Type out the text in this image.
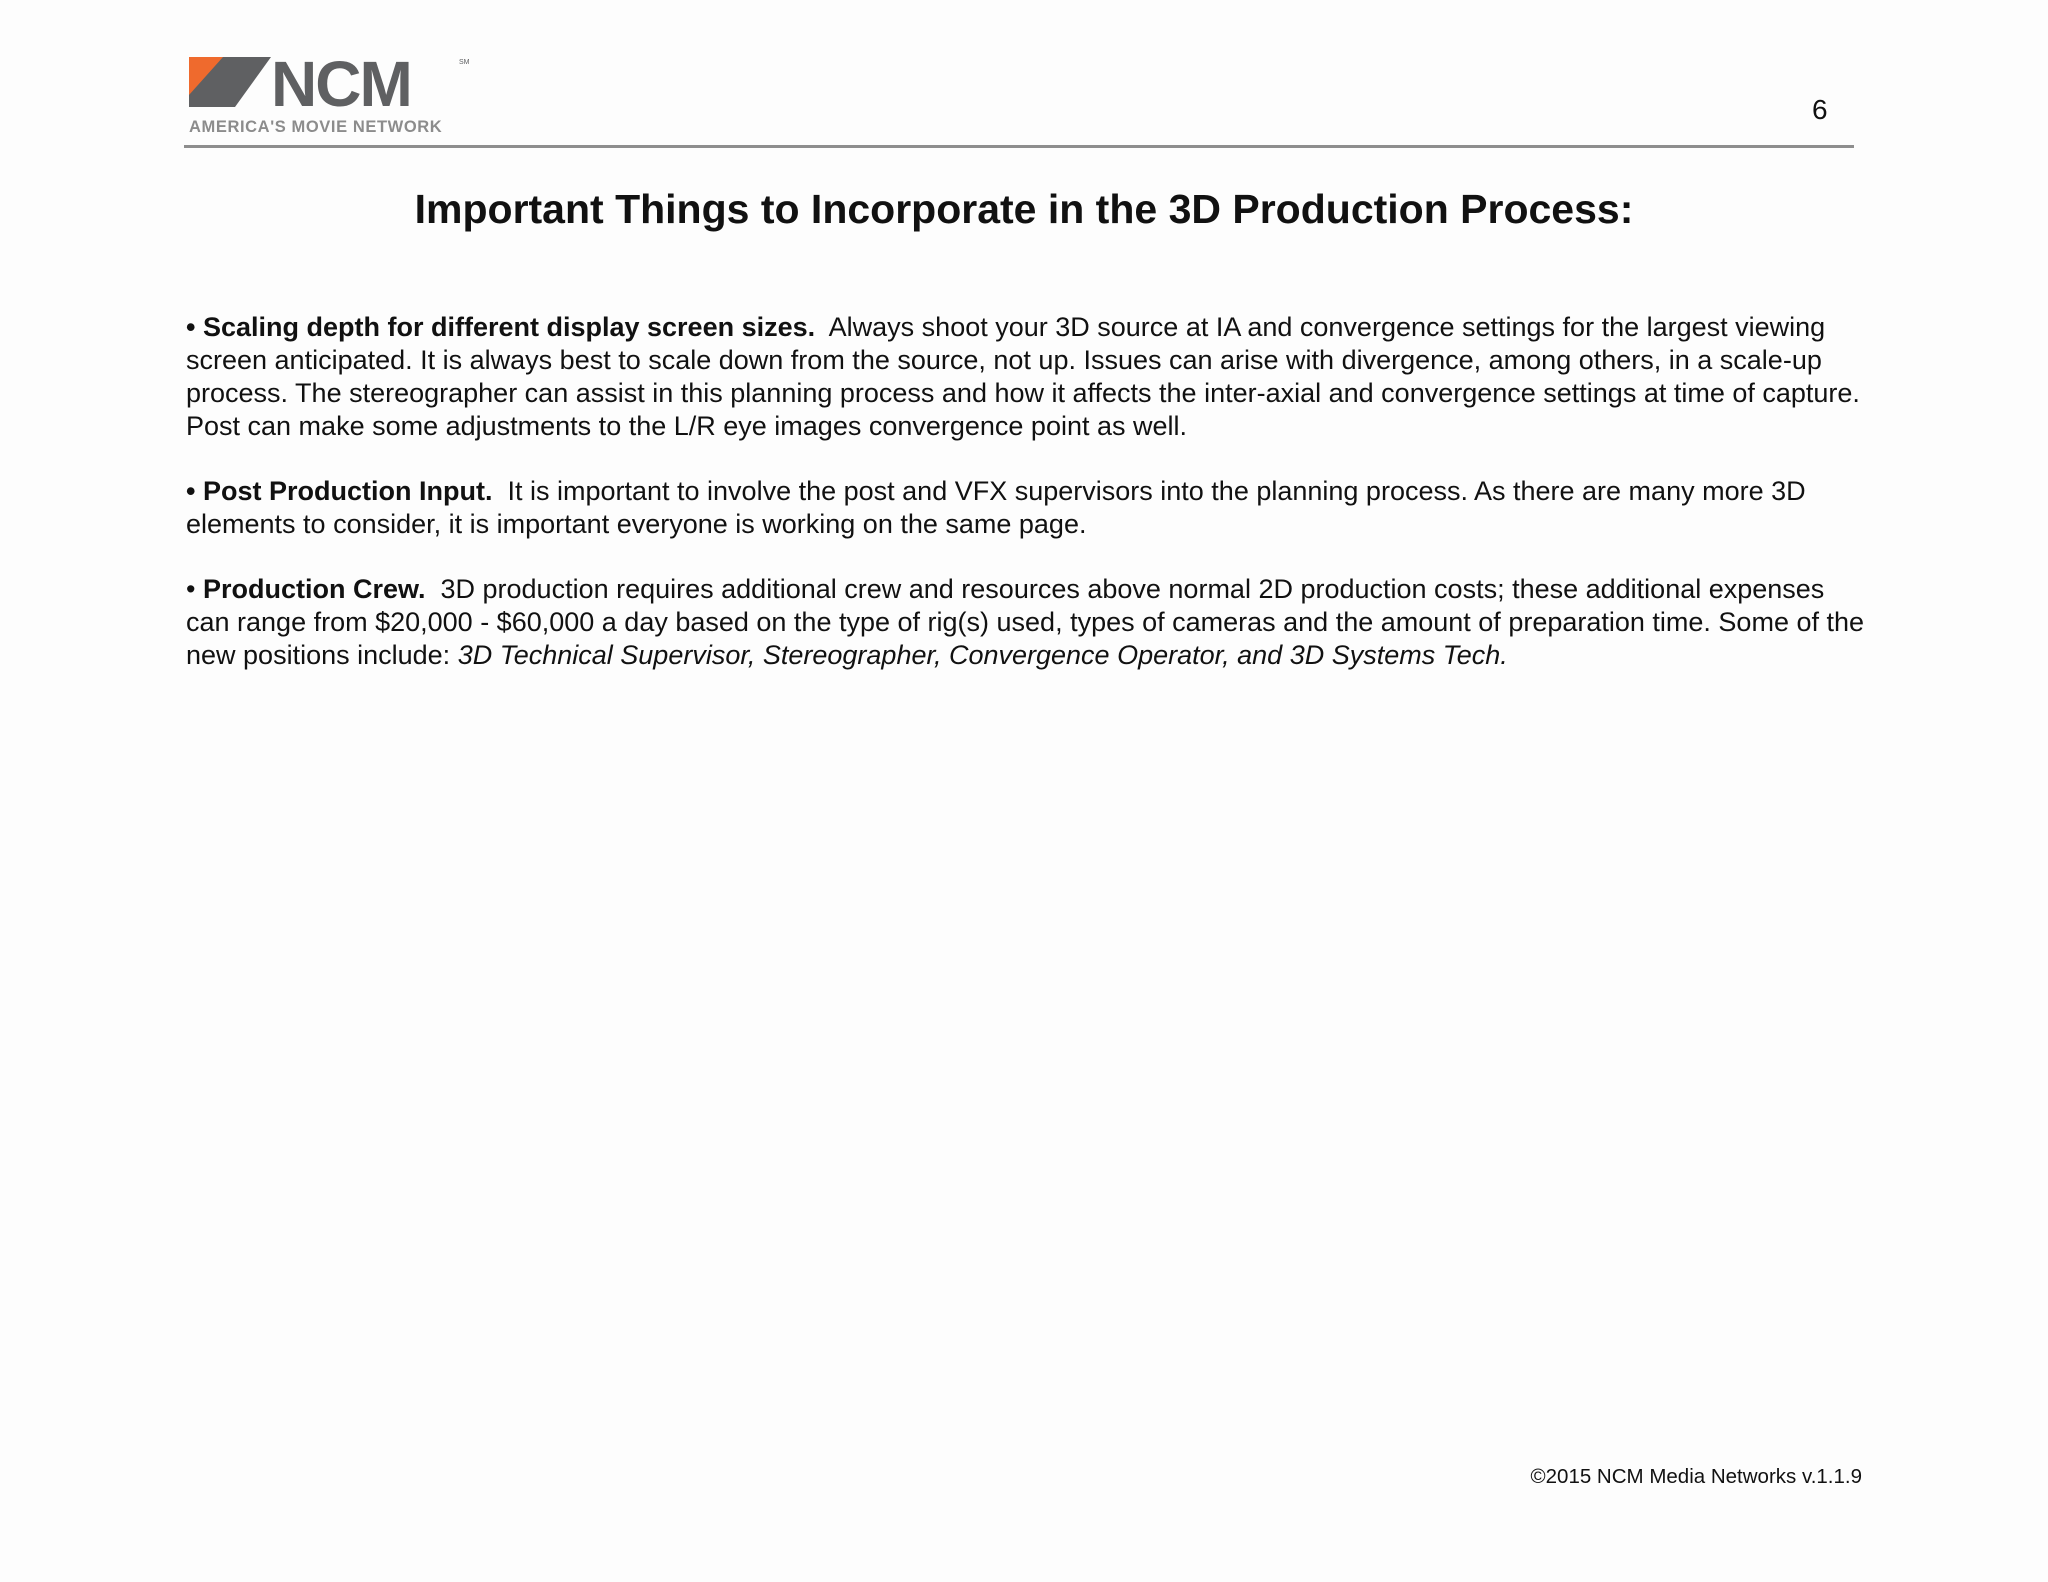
NCM	SM
AMERICA'S MOVIE NETWORK
6
Important Things to Incorporate in the 3D Production Process:

• Scaling depth for different display screen sizes. Always shoot your 3D source at IA and convergence settings for the largest viewing screen anticipated. It is always best to scale down from the source, not up. Issues can arise with divergence, among others, in a scale-up process. The stereographer can assist in this planning process and how it affects the inter-axial and convergence settings at time of capture. Post can make some adjustments to the L/R eye images convergence point as well.

• Post Production Input. It is important to involve the post and VFX supervisors into the planning process. As there are many more 3D elements to consider, it is important everyone is working on the same page.

• Production Crew. 3D production requires additional crew and resources above normal 2D production costs; these additional expenses can range from $20,000 - $60,000 a day based on the type of rig(s) used, types of cameras and the amount of preparation time. Some of the new positions include: 3D Technical Supervisor, Stereographer, Convergence Operator, and 3D Systems Tech.

©2015 NCM Media Networks v.1.1.9
